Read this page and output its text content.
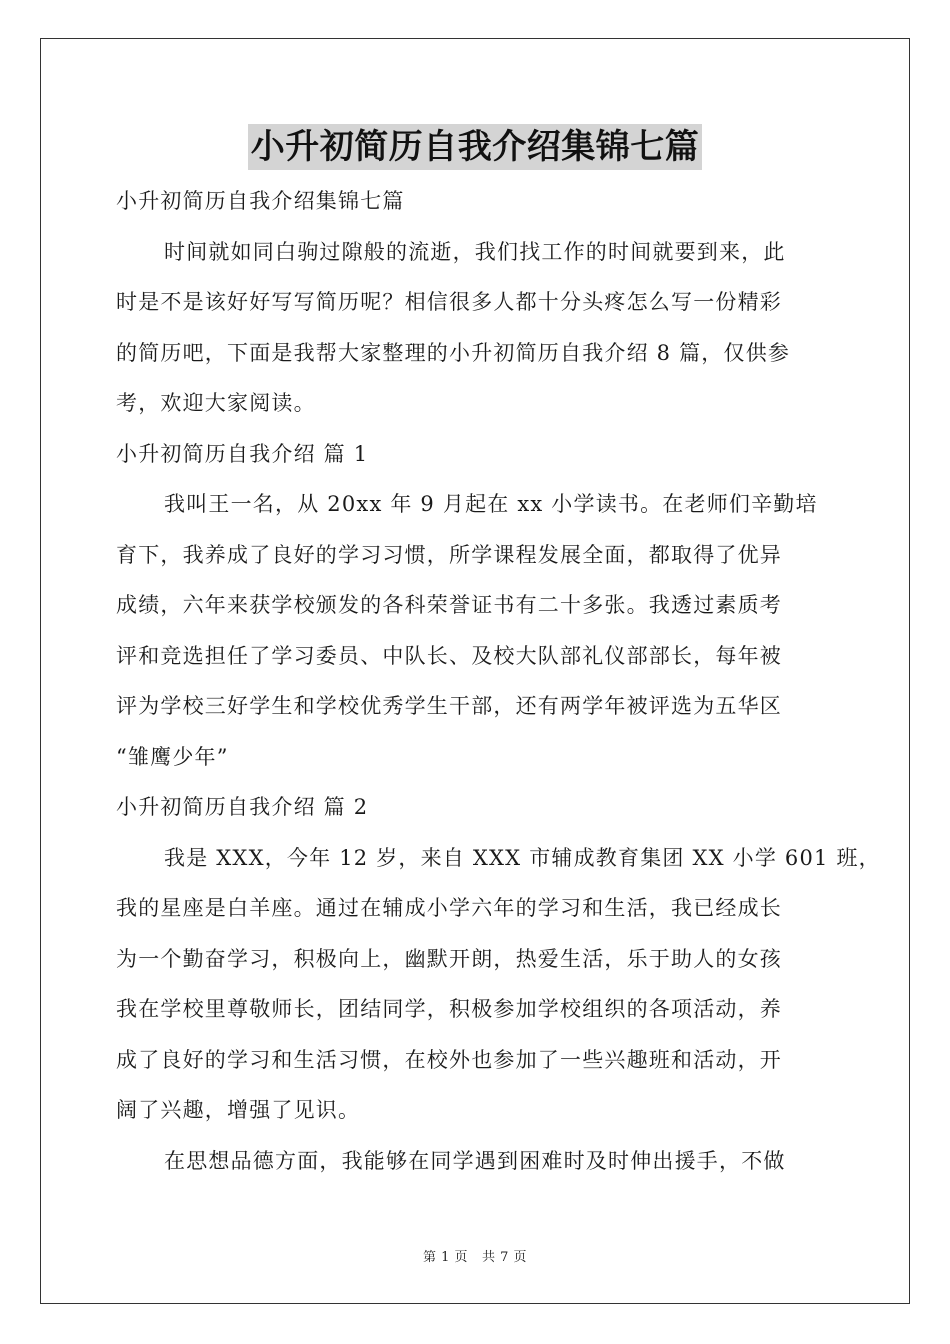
小升初简历自我介绍集锦七篇
小升初简历自我介绍集锦七篇
时间就如同白驹过隙般的流逝，我们找工作的时间就要到来，此
时是不是该好好写写简历呢？相信很多人都十分头疼怎么写一份精彩
的简历吧，下面是我帮大家整理的小升初简历自我介绍 8 篇，仅供参
考，欢迎大家阅读。
小升初简历自我介绍 篇 1
我叫王一名，从 20xx 年 9 月起在 xx 小学读书。在老师们辛勤培
育下，我养成了良好的学习习惯，所学课程发展全面，都取得了优异
成绩，六年来获学校颁发的各科荣誉证书有二十多张。我透过素质考
评和竞选担任了学习委员、中队长、及校大队部礼仪部部长，每年被
评为学校三好学生和学校优秀学生干部，还有两学年被评选为五华区
“雏鹰少年”
小升初简历自我介绍 篇 2
我是 XXX，今年 12 岁，来自 XXX 市辅成教育集团 XX 小学 601 班，
我的星座是白羊座。通过在辅成小学六年的学习和生活，我已经成长
为一个勤奋学习，积极向上，幽默开朗，热爱生活，乐于助人的女孩
我在学校里尊敬师长，团结同学，积极参加学校组织的各项活动，养
成了良好的学习和生活习惯，在校外也参加了一些兴趣班和活动，开
阔了兴趣，增强了见识。
在思想品德方面，我能够在同学遇到困难时及时伸出援手，不做
第 1 页 共 7 页
